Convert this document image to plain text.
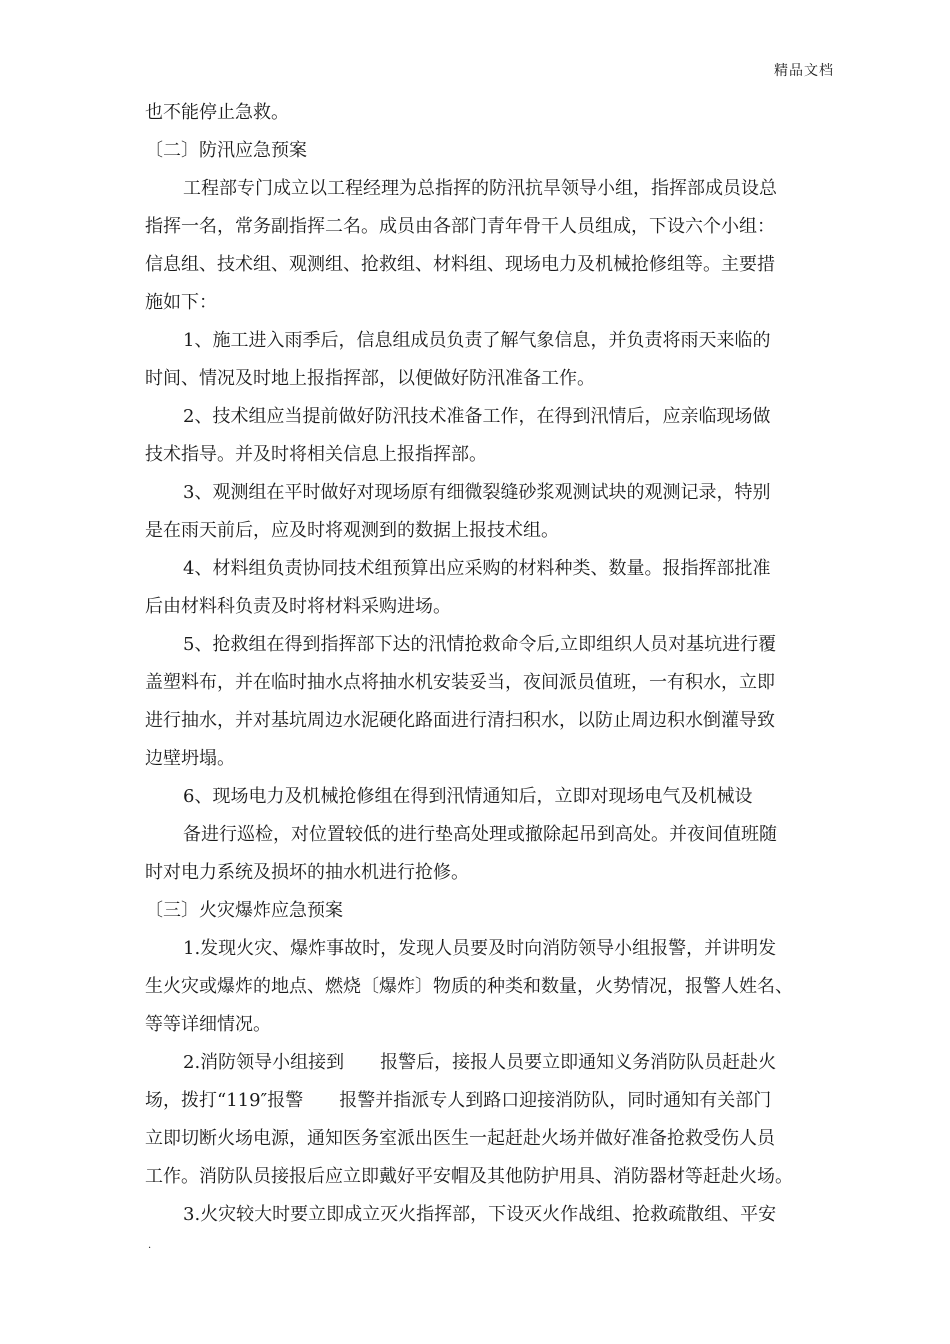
精品文档
也不能停止急救。
〔二〕防汛应急预案
工程部专门成立以工程经理为总指挥的防汛抗旱领导小组，指挥部成员设总
指挥一名，常务副指挥二名。成员由各部门青年骨干人员组成，下设六个小组：
信息组、技术组、观测组、抢救组、材料组、现场电力及机械抢修组等。主要措
施如下：
1、施工进入雨季后，信息组成员负责了解气象信息，并负责将雨天来临的
时间、情况及时地上报指挥部，以便做好防汛准备工作。
2、技术组应当提前做好防汛技术准备工作，在得到汛情后，应亲临现场做
技术指导。并及时将相关信息上报指挥部。
3、观测组在平时做好对现场原有细微裂缝砂浆观测试块的观测记录，特别
是在雨天前后，应及时将观测到的数据上报技术组。
4、材料组负责协同技术组预算出应采购的材料种类、数量。报指挥部批准
后由材料科负责及时将材料采购进场。
5、抢救组在得到指挥部下达的汛情抢救命令后,立即组织人员对基坑进行覆
盖塑料布，并在临时抽水点将抽水机安装妥当，夜间派员值班，一有积水，立即
进行抽水，并对基坑周边水泥硬化路面进行清扫积水，以防止周边积水倒灌导致
边壁坍塌。
6、现场电力及机械抢修组在得到汛情通知后，立即对现场电气及机械设
备进行巡检，对位置较低的进行垫高处理或撤除起吊到高处。并夜间值班随
时对电力系统及损坏的抽水机进行抢修。
〔三〕火灾爆炸应急预案
1.发现火灾、爆炸事故时，发现人员要及时向消防领导小组报警，并讲明发
生火灾或爆炸的地点、燃烧〔爆炸〕物质的种类和数量，火势情况，报警人姓名、
等等详细情况。
2.消防领导小组接到　　报警后，接报人员要立即通知义务消防队员赶赴火
场，拨打“119″报警　　报警并指派专人到路口迎接消防队，同时通知有关部门
立即切断火场电源，通知医务室派出医生一起赶赴火场并做好准备抢救受伤人员
工作。消防队员接报后应立即戴好平安帽及其他防护用具、消防器材等赶赴火场。
3.火灾较大时要立即成立灭火指挥部，下设灭火作战组、抢救疏散组、平安
.
